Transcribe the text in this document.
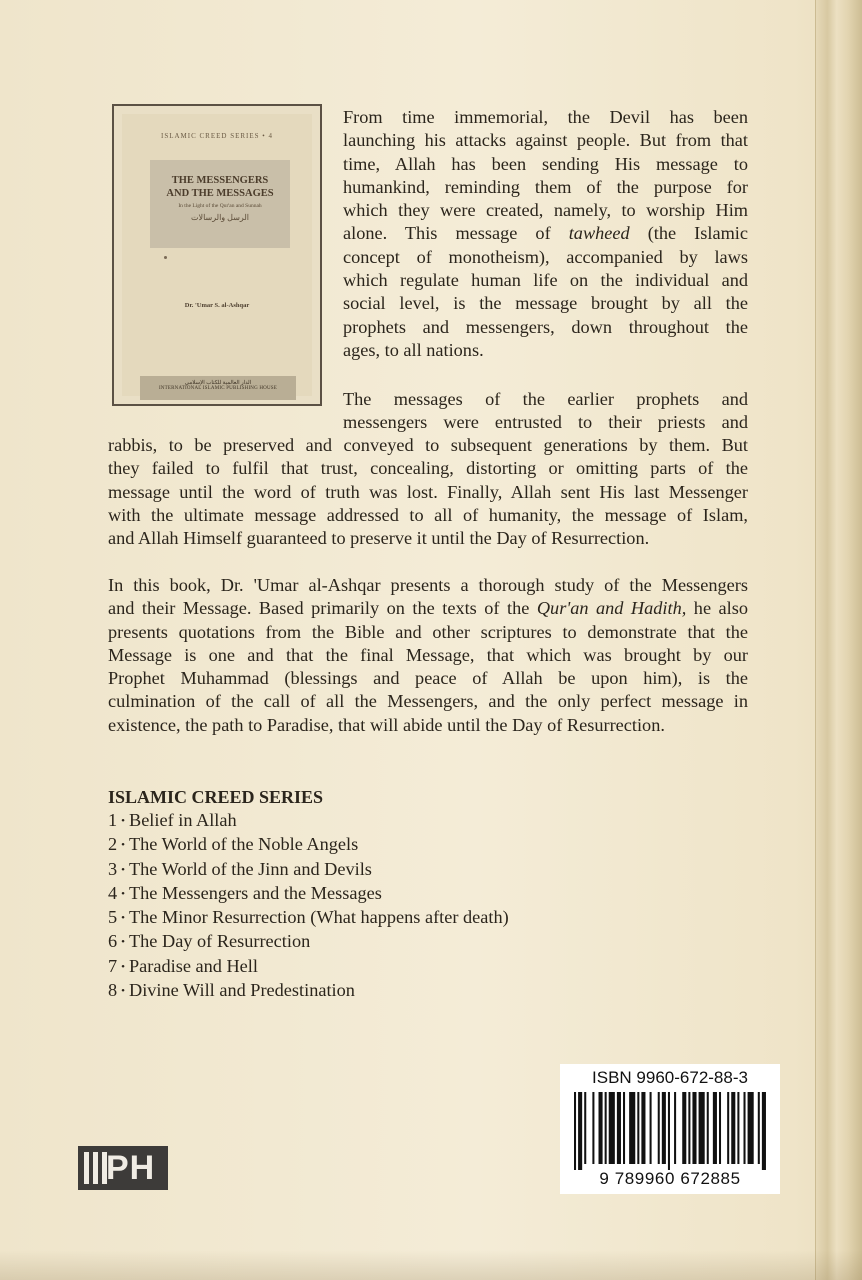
ISLAMIC CREED SERIES • 4
THE MESSENGERS
AND THE MESSAGES
In the Light of the Qur'an and Sunnah
الرسل والرسالات
Dr. 'Umar S. al-Ashqar
الدار العالمية للكتاب الإسلامي
INTERNATIONAL ISLAMIC PUBLISHING HOUSE
From time immemorial, the Devil has been
launching his attacks against people. But from that
time, Allah has been sending His message to
humankind, reminding them of the purpose for
which they were created, namely, to worship Him
alone. This message of tawheed (the Islamic
concept of monotheism), accompanied by laws
which regulate human life on the individual and
social level, is the message brought by all the
prophets and messengers, down throughout the
ages, to all nations.
The messages of the earlier prophets and
messengers were entrusted to their priests and
rabbis, to be preserved and conveyed to subsequent generations by them. But
they failed to fulfil that trust, concealing, distorting or omitting parts of the
message until the word of truth was lost. Finally, Allah sent His last Messenger
with the ultimate message addressed to all of humanity, the message of Islam,
and Allah Himself guaranteed to preserve it until the Day of Resurrection.
In this book, Dr. 'Umar al-Ashqar presents a thorough study of the Messengers
and their Message. Based primarily on the texts of the Qur'an and Hadith, he also
presents quotations from the Bible and other scriptures to demonstrate that the
Message is one and that the final Message, that which was brought by our
Prophet Muhammad (blessings and peace of Allah be upon him), is the
culmination of the call of all the Messengers, and the only perfect message in
existence, the path to Paradise, that will abide until the Day of Resurrection.
ISLAMIC CREED SERIES
1 • Belief in Allah
2 • The World of the Noble Angels
3 • The World of the Jinn and Devils
4 • The Messengers and the Messages
5 • The Minor Resurrection (What happens after death)
6 • The Day of Resurrection
7 • Paradise and Hell
8 • Divine Will and Predestination
ISBN 9960-672-88-3
9 789960 672885
PH
